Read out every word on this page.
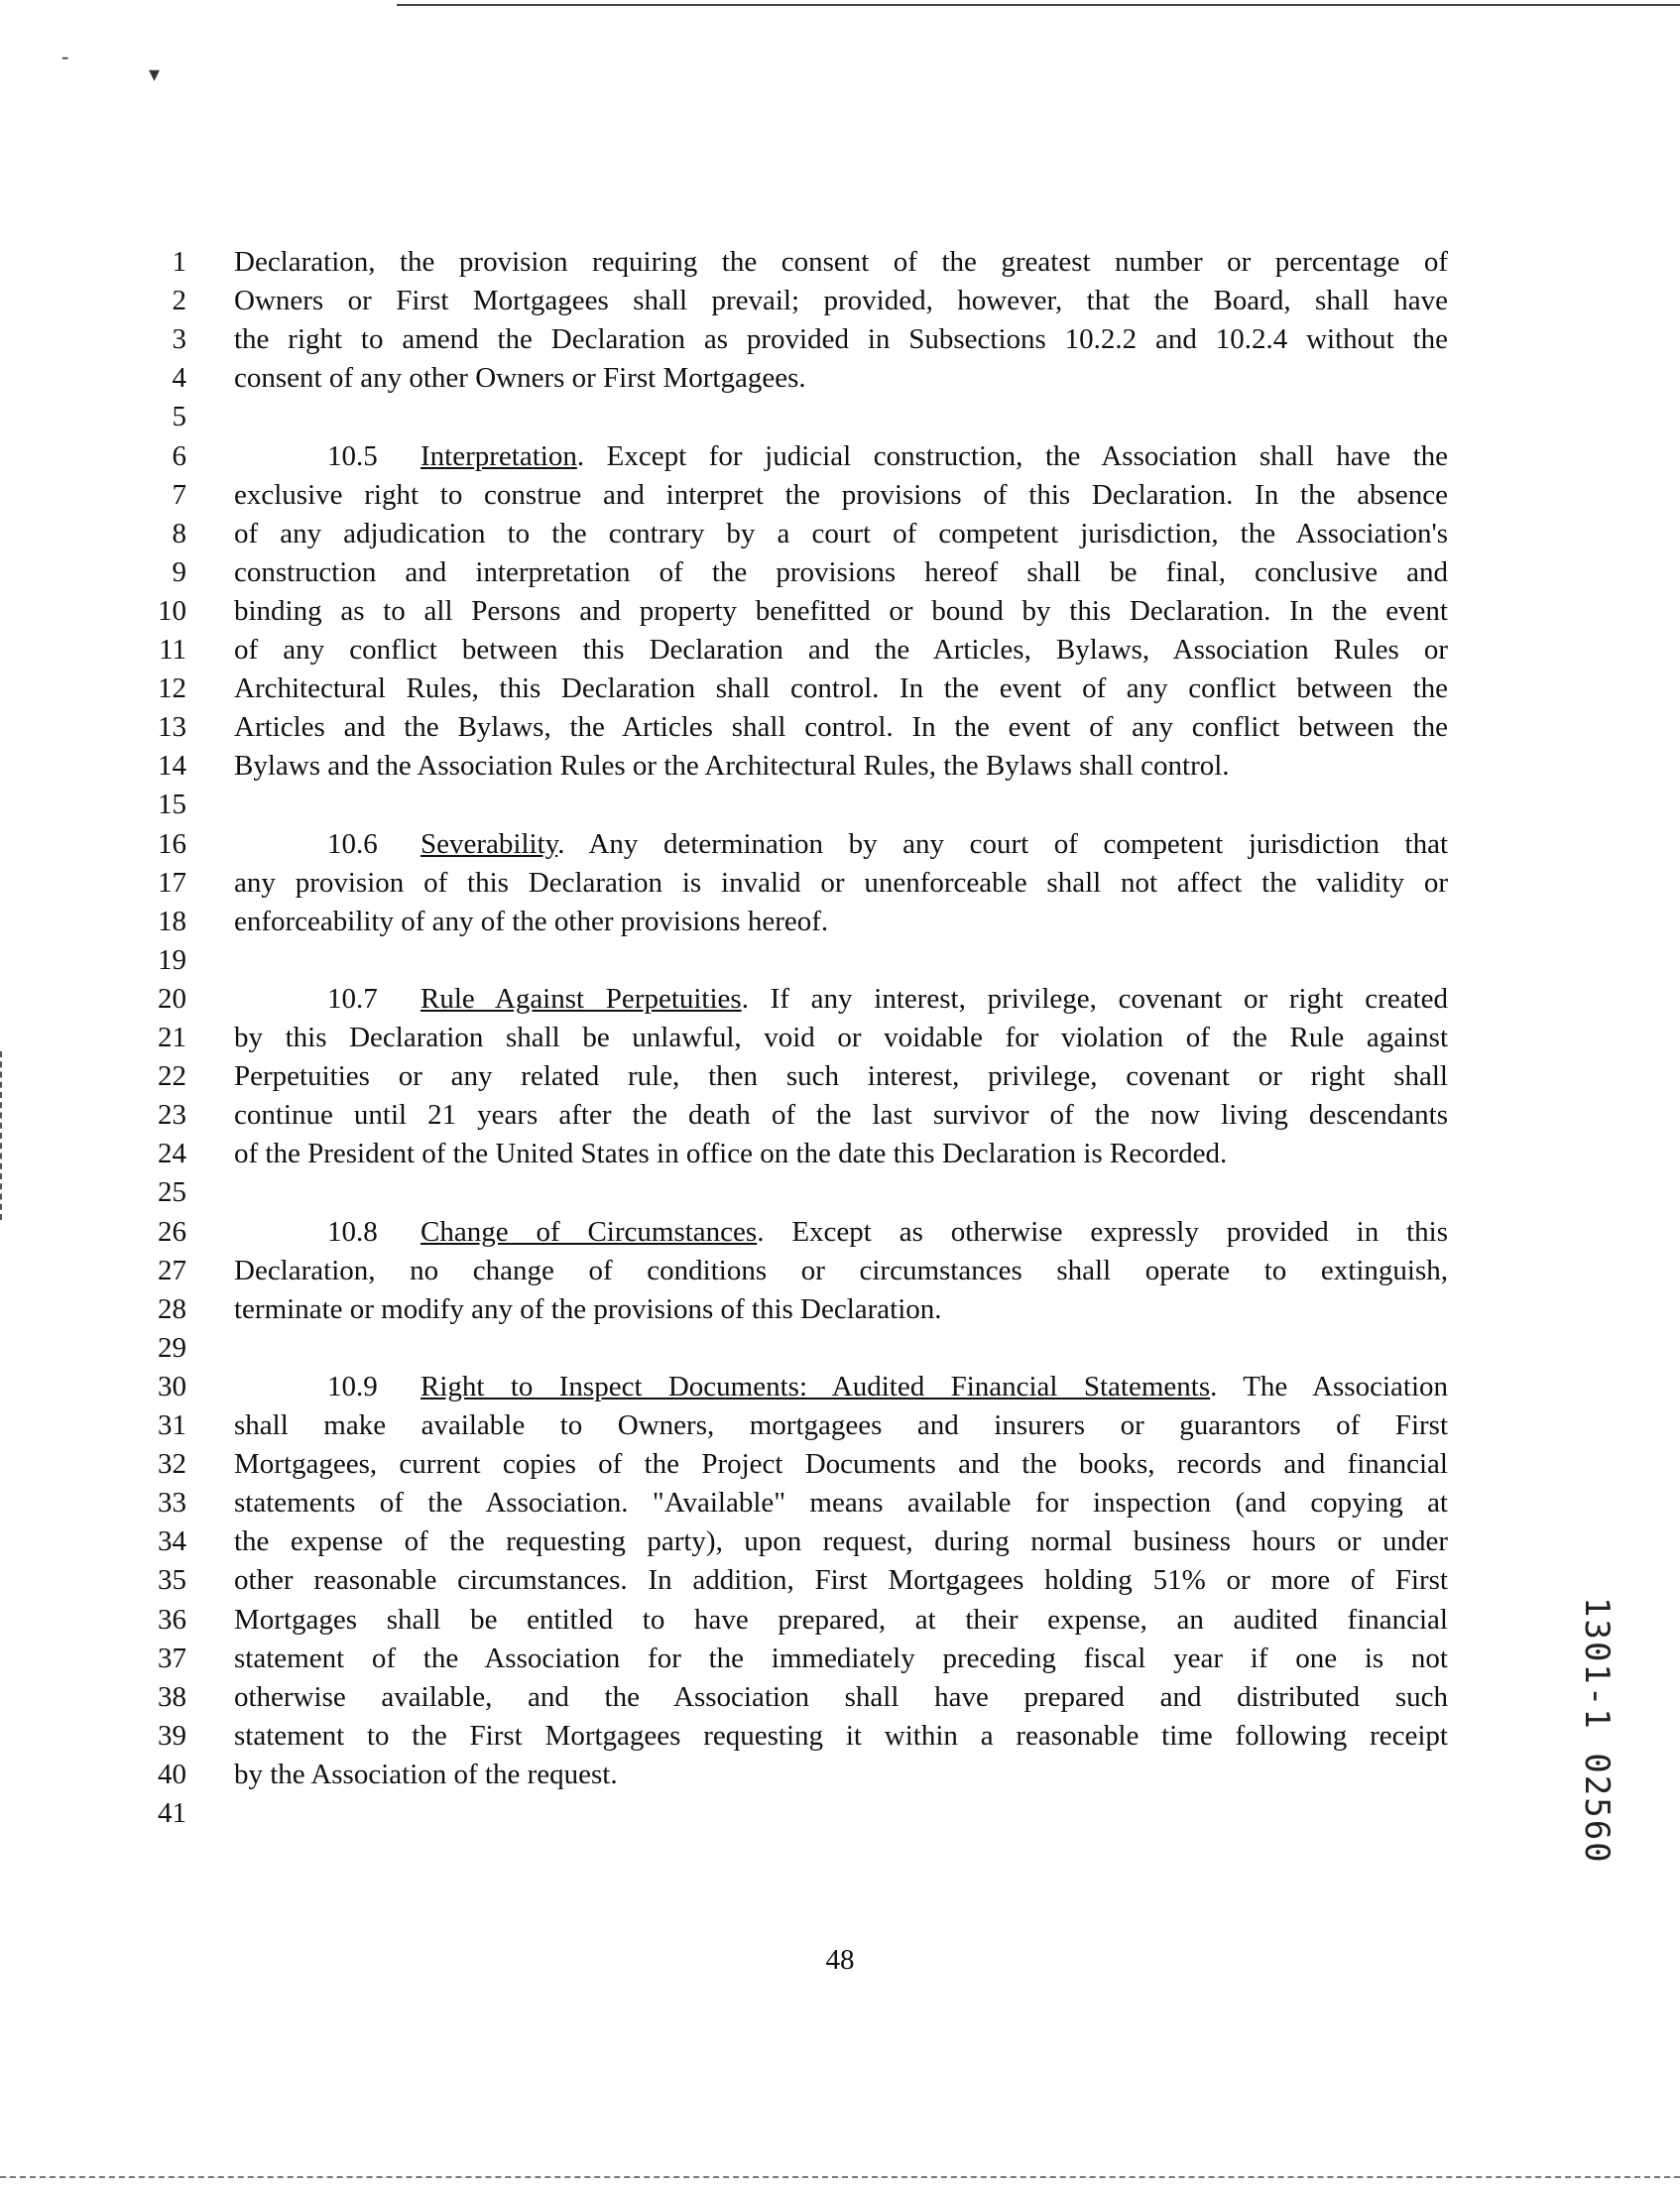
-
▾
1 Declaration, the provision requiring the consent of the greatest number or percentage of
2 Owners or First Mortgagees shall prevail; provided, however, that the Board, shall have
3 the right to amend the Declaration as provided in Subsections 10.2.2 and 10.2.4 without the
4 consent of any other Owners or First Mortgagees.
5
6	10.5 Interpretation. Except for judicial construction, the Association shall have the
7 exclusive right to construe and interpret the provisions of this Declaration. In the absence
8 of any adjudication to the contrary by a court of competent jurisdiction, the Association's
9 construction and interpretation of the provisions hereof shall be final, conclusive and
10 binding as to all Persons and property benefitted or bound by this Declaration. In the event
11 of any conflict between this Declaration and the Articles, Bylaws, Association Rules or
12 Architectural Rules, this Declaration shall control. In the event of any conflict between the
13 Articles and the Bylaws, the Articles shall control. In the event of any conflict between the
14 Bylaws and the Association Rules or the Architectural Rules, the Bylaws shall control.
15
16	10.6 Severability. Any determination by any court of competent jurisdiction that
17 any provision of this Declaration is invalid or unenforceable shall not affect the validity or
18 enforceability of any of the other provisions hereof.
19
20	10.7 Rule Against Perpetuities. If any interest, privilege, covenant or right created
21 by this Declaration shall be unlawful, void or voidable for violation of the Rule against
22 Perpetuities or any related rule, then such interest, privilege, covenant or right shall
23 continue until 21 years after the death of the last survivor of the now living descendants
24 of the President of the United States in office on the date this Declaration is Recorded.
25
26	10.8 Change of Circumstances. Except as otherwise expressly provided in this
27 Declaration, no change of conditions or circumstances shall operate to extinguish,
28 terminate or modify any of the provisions of this Declaration.
29
30	10.9 Right to Inspect Documents: Audited Financial Statements. The Association
31 shall make available to Owners, mortgagees and insurers or guarantors of First
32 Mortgagees, current copies of the Project Documents and the books, records and financial
33 statements of the Association. "Available" means available for inspection (and copying at
34 the expense of the requesting party), upon request, during normal business hours or under
35 other reasonable circumstances. In addition, First Mortgagees holding 51% or more of First
36 Mortgages shall be entitled to have prepared, at their expense, an audited financial
37 statement of the Association for the immediately preceding fiscal year if one is not
38 otherwise available, and the Association shall have prepared and distributed such
39 statement to the First Mortgagees requesting it within a reasonable time following receipt
40 by the Association of the request.
41
48
1301-1 02560
